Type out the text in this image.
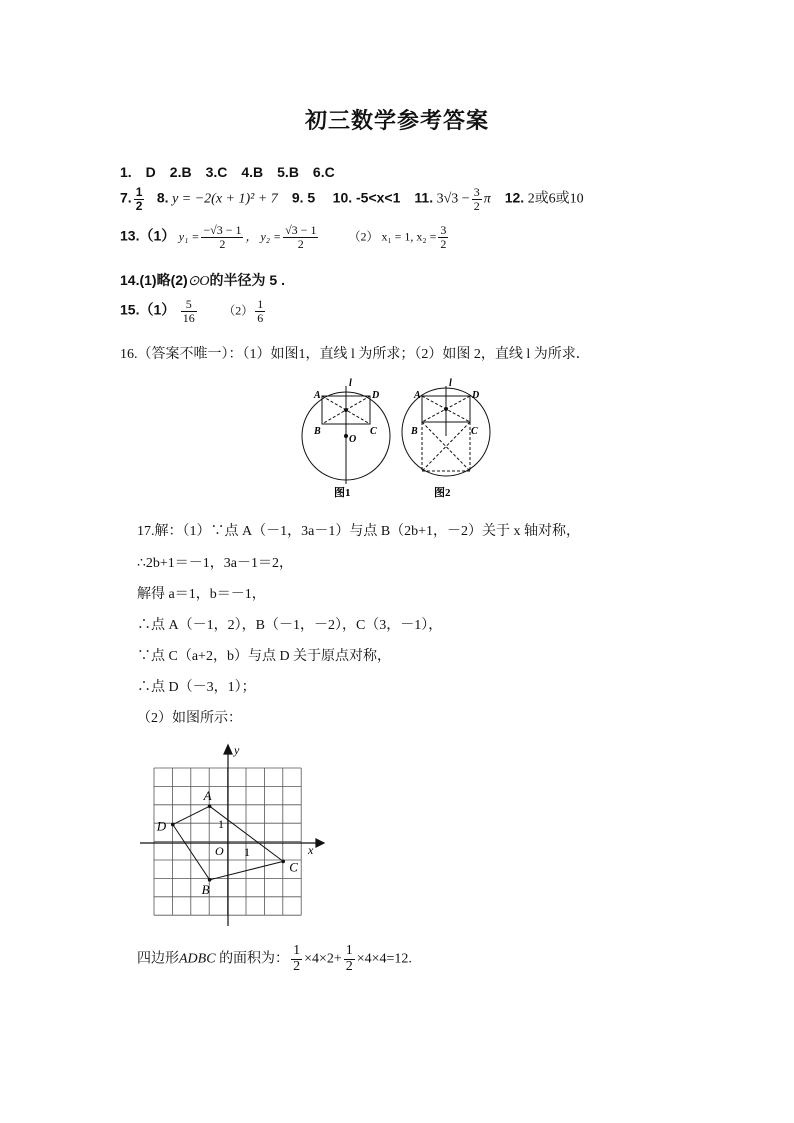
初三数学参考答案
1.　D　2.B　3.C　4.B　5.B　6.C
7. $\frac{1}{2} 8$. y = −2(x + 1)² + 7 9. 5 10. -5<x<1 11. $3√3 - \frac{3}{2}$ π 12. 2或6或10
13.（1） $y_1 = \frac{-√3 - 1}{2}$ ， $y_2 = \frac{√3 - 1}{2}$	（2） x₁ = 1, $x_2 = \frac{3}{2}$
14.(1)略(2)⊙O的半径为 5 .
$15.(1) \frac{5}{16} (2) \frac{1}{6}$
16.（答案不唯一）：（1）如图1，直线 l 为所求；（2）如图 2，直线 l 为所求．
A	D
B	C
O
l
图1
A	D
B	C
l
图2
17.解：（1）∵点 A（－1，3a－1）与点 B（2b+1，－2）关于 x 轴对称，
∴2b+1＝－1，3a－1＝2，
解得 a＝1，b＝－1，
∴点 A（－1，2），B（－1，－2），C（3，－1），
∵点 C（a+2，b）与点 D 关于原点对称，
∴点 D（－3，1）；
（2）如图所示：
x
y
O 1
1
A
B
C
D
四边形ADBC 的面积为： $\frac{1}{2} \times 4\times 2+ \frac{1}{2} \times 4\times 4=12$.
